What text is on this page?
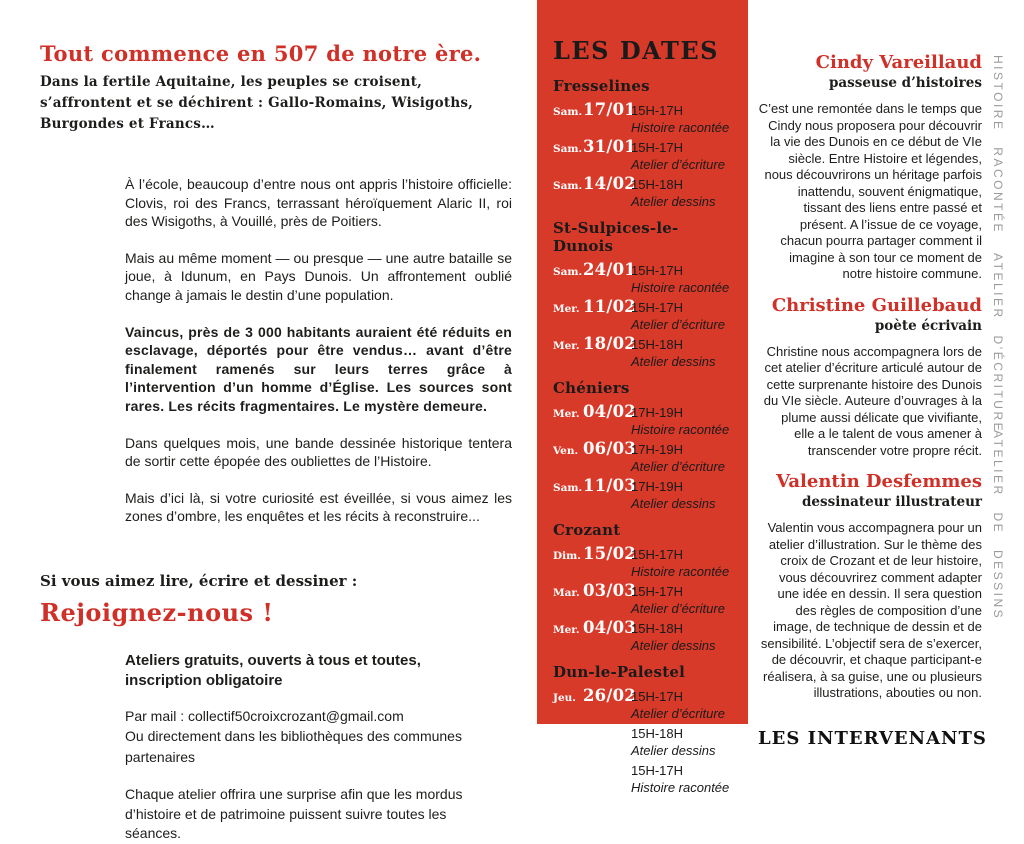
Tout commence en 507 de notre ère.
Dans la fertile Aquitaine, les peuples se croisent, s’affrontent et se déchirent : Gallo-Romains, Wisigoths, Burgondes et Francs…

À l’école, beaucoup d’entre nous ont appris l’histoire officielle: Clovis, roi des Francs, terrassant héroïquement Alaric II, roi des Wisigoths, à Vouillé, près de Poitiers.

Mais au même moment — ou presque — une autre bataille se joue, à Idunum, en Pays Dunois. Un affrontement oublié change à jamais le destin d’une population.

Vaincus, près de 3 000 habitants auraient été réduits en esclavage, déportés pour être vendus… avant d’être finalement ramenés sur leurs terres grâce à l’intervention d’un homme d’Église. Les sources sont rares. Les récits fragmentaires. Le mystère demeure.

Dans quelques mois, une bande dessinée historique tentera de sortir cette épopée des oubliettes de l’Histoire.

Mais d’ici là, si votre curiosité est éveillée, si vous aimez les zones d’ombre, les enquêtes et les récits à reconstruire...

Si vous aimez lire, écrire et dessiner :
Rejoignez-nous !
Ateliers gratuits, ouverts à tous et toutes, inscription obligatoire
Par mail : collectif50croixcrozant@gmail.com
Ou directement dans les bibliothèques des communes partenaires
Chaque atelier offrira une surprise afin que les mordus d’histoire et de patrimoine puissent suivre toutes les séances.
LES DATES
Fresselines
Sam. 17/01
15H-17H
Histoire racontée
Sam. 31/01
15H-17H
Atelier d’écriture
Sam. 14/02
15H-18H
Atelier dessins
St-Sulpices-le-Dunois
Sam. 24/01
15H-17H
Histoire racontée
Mer. 11/02
15H-17H
Atelier d’écriture
Mer. 18/02
15H-18H
Atelier dessins
Chéniers
Mer. 04/02
17H-19H
Histoire racontée
Ven. 06/03
17H-19H
Atelier d’écriture
Sam. 11/03
17H-19H
Atelier dessins
Crozant
Dim. 15/02
15H-17H
Histoire racontée
Mar. 03/03
15H-17H
Atelier d’écriture
Mer. 04/03
15H-18H
Atelier dessins
Dun-le-Palestel
Jeu. 26/02
15H-17H
Atelier d’écriture
Sam. 28/02
15H-18H
Atelier dessins
Mer. 29/04
15H-17H
Histoire racontée
Cindy Vareillaud
passeuse d’histoires

C’est une remontée dans le temps que Cindy nous proposera pour découvrir la vie des Dunois en ce début de VIe siècle. Entre Histoire et légendes, nous découvrirons un héritage parfois inattendu, souvent énigmatique, tissant des liens entre passé et présent. A l’issue de ce voyage, chacun pourra partager comment il imagine à son tour ce moment de notre histoire commune.

Christine Guillebaud
poète écrivain

Christine nous accompagnera lors de cet atelier d’écriture articulé autour de cette surprenante histoire des Dunois du VIe siècle. Auteure d’ouvrages à la plume aussi délicate que vivifiante, elle a le talent de vous amener à transcender votre propre récit.

Valentin Desfemmes
dessinateur illustrateur

Valentin vous accompagnera pour un atelier d’illustration. Sur le thème des croix de Crozant et de leur histoire, vous découvrirez comment adapter une idée en dessin. Il sera question des règles de composition d’une image, de technique de dessin et de sensibilité. L’objectif sera de s’exercer, de découvrir, et chaque participant-e réalisera, à sa guise, une ou plusieurs illustrations, abouties ou non.

LES INTERVENANTS
HISTOIRE RACONTÉE
ATELIER D’ÉCRITURE
ATELIER DE DESSINS
